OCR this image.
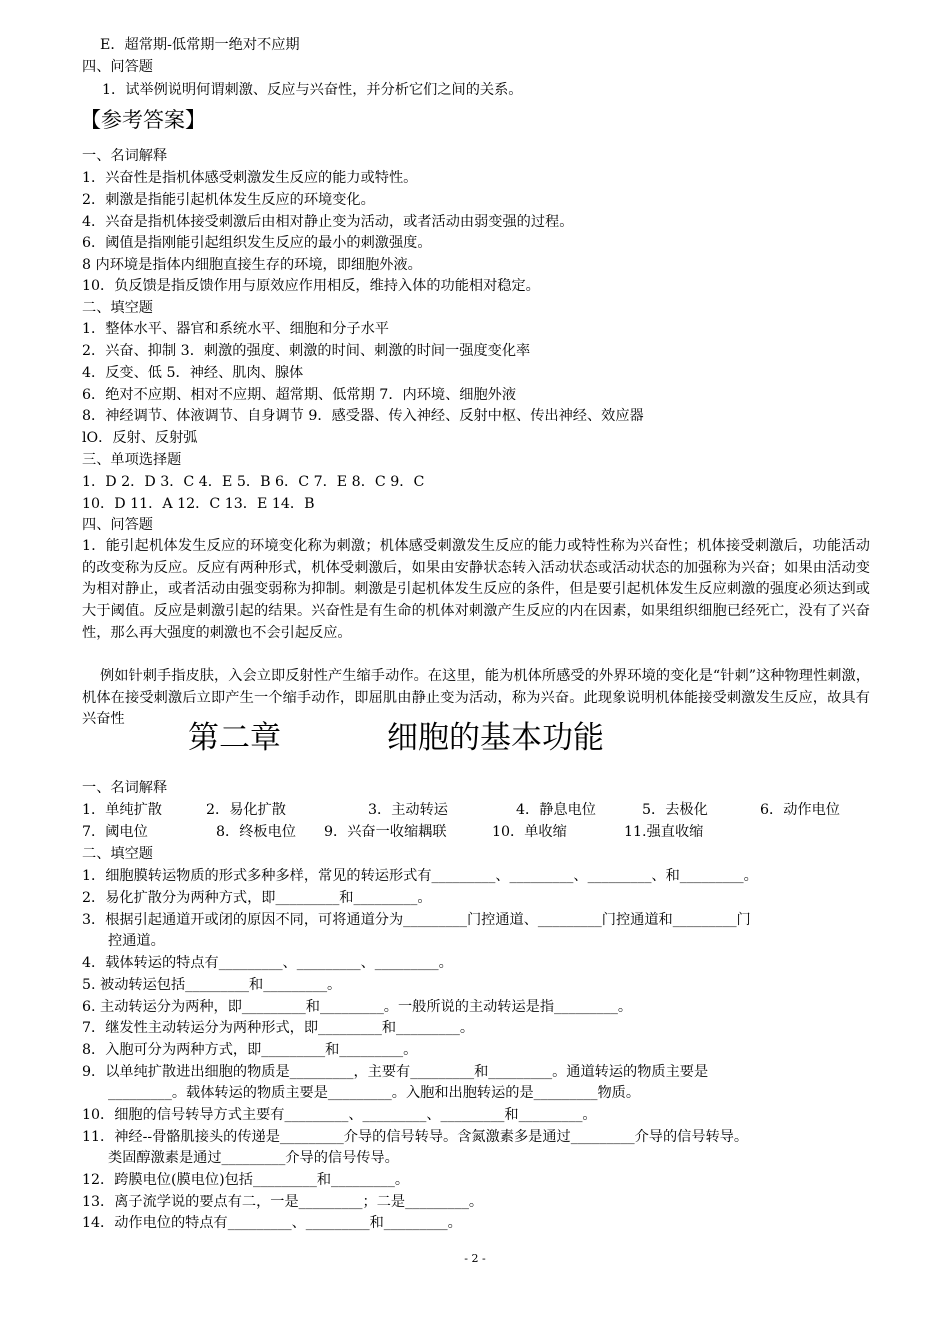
E．超常期-低常期一绝对不应期
四、问答题
1．试举例说明何谓刺激、反应与兴奋性，并分析它们之间的关系。
【参考答案】
一、名词解释
1．兴奋性是指机体感受刺激发生反应的能力或特性。
2．刺激是指能引起机体发生反应的环境变化。
4．兴奋是指机体接受刺激后由相对静止变为活动，或者活动由弱变强的过程。
6．阈值是指刚能引起组织发生反应的最小的刺激强度。
8 内环境是指体内细胞直接生存的环境，即细胞外液。
10．负反馈是指反馈作用与原效应作用相反，维持入体的功能相对稳定。
二、填空题
1．整体水平、器官和系统水平、细胞和分子水平
2．兴奋、抑制 3．刺激的强度、刺激的时间、刺激的时间一强度变化率
4．反变、低 5．神经、肌肉、腺体
6．绝对不应期、相对不应期、超常期、低常期 7．内环境、细胞外液
8．神经调节、体液调节、自身调节 9．感受器、传入神经、反射中枢、传出神经、效应器
lO．反射、反射弧
三、单项选择题
1．D 2．D 3．C 4．E 5．B 6．C 7．E 8．C 9．C
10．D 11．A 12．C 13．E 14．B
四、问答题
1．能引起机体发生反应的环境变化称为刺激；机体感受刺激发生反应的能力或特性称为兴奋性；机体接受刺激后，功能活动的改变称为反应。反应有两种形式，机体受刺激后，如果由安静状态转入活动状态或活动状态的加强称为兴奋；如果由活动变为相对静止，或者活动由强变弱称为抑制。刺激是引起机体发生反应的条件，但是要引起机体发生反应刺激的强度必须达到或大于阈值。反应是刺激引起的结果。兴奋性是有生命的机体对刺激产生反应的内在因素，如果组织细胞已经死亡，没有了兴奋性，那么再大强度的刺激也不会引起反应。
例如针刺手指皮肤，入会立即反射性产生缩手动作。在这里，能为机体所感受的外界环境的变化是“针刺”这种物理性刺激，机体在接受刺激后立即产生一个缩手动作，即屈肌由静止变为活动，称为兴奋。此现象说明机体能接受刺激发生反应，故具有兴奋性
第二章	细胞的基本功能
一、名词解释
1．单纯扩散	2．易化扩散	3．主动转运	4．静息电位	5．去极化	6．动作电位
7．阈电位	8．终板电位 9．兴奋一收缩耦联	10．单收缩	11.强直收缩
二、填空题
1．细胞膜转运物质的形式多种多样，常见的转运形式有_________、_________、_________、和_________。
2．易化扩散分为两种方式，即_________和_________。
3．根据引起通道开或闭的原因不同，可将通道分为_________门控通道、_________门控通道和_________门
控通道。
4．载体转运的特点有_________、_________、_________。
5. 被动转运包括_________和_________。
6. 主动转运分为两种，即_________和_________。一般所说的主动转运是指_________。
7．继发性主动转运分为两种形式，即_________和_________。
8．入胞可分为两种方式，即_________和_________。
9．以单纯扩散进出细胞的物质是_________，主要有_________和_________。通道转运的物质主要是
_________。载体转运的物质主要是_________。入胞和出胞转运的是_________物质。
10．细胞的信号转导方式主要有_________、_________、_________和_________。
11．神经--骨骼肌接头的传递是_________介导的信号转导。含氮激素多是通过_________介导的信号转导。
类固醇激素是通过_________介导的信号传导。
12．跨膜电位(膜电位)包括_________和_________。
13．离子流学说的要点有二，一是_________；二是_________。
14．动作电位的特点有_________、_________和_________。
- 2 -
